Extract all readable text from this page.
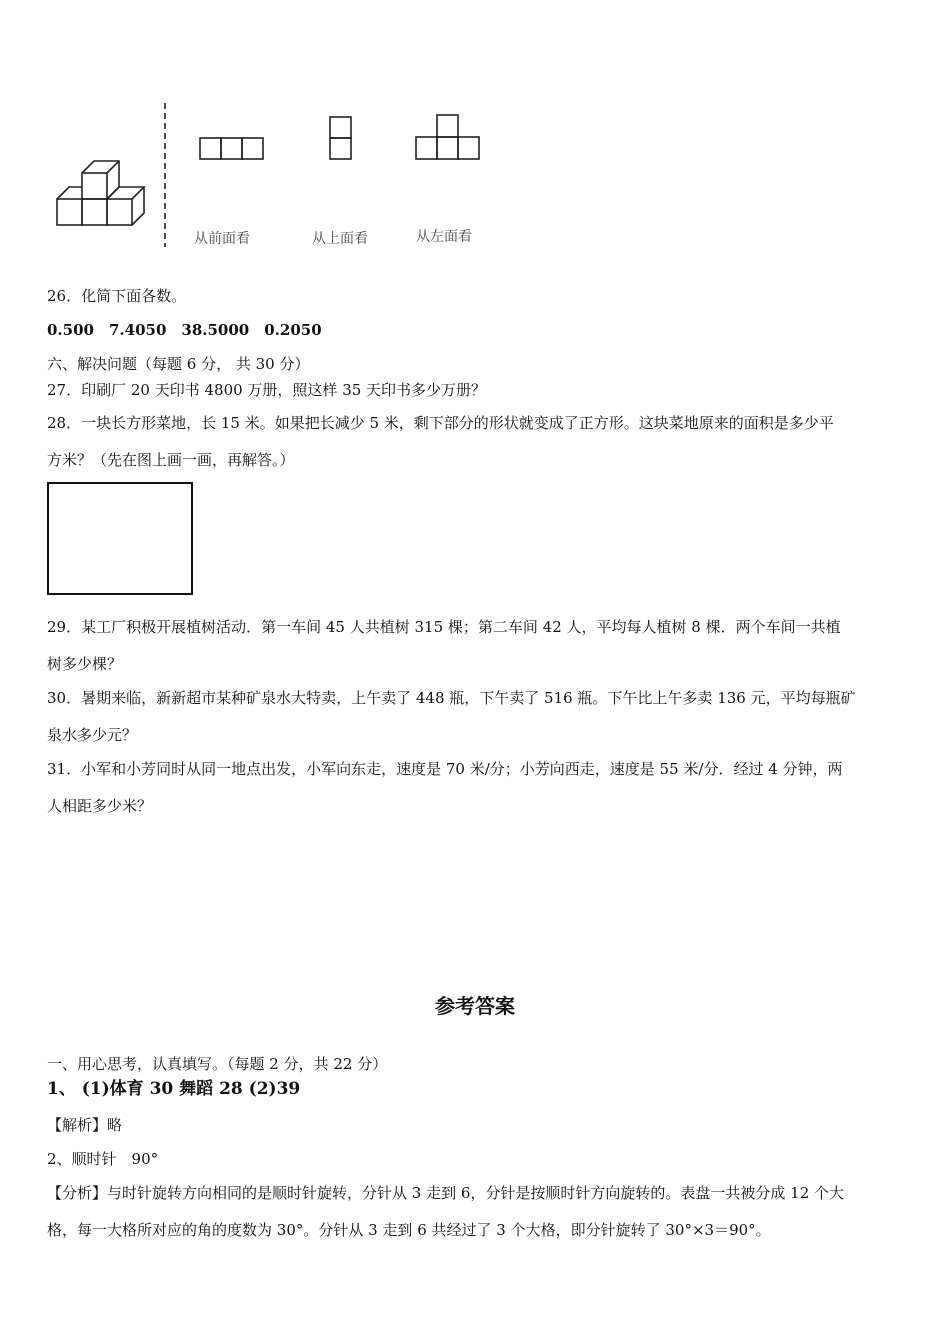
从前面看	从上面看	从左面看
26．化简下面各数。
0.500　7.4050　38.5000　0.2050
六、解决问题（每题 6 分， 共 30 分）
27．印刷厂 20 天印书 4800 万册，照这样 35 天印书多少万册？
28．一块长方形菜地，长 15 米。如果把长减少 5 米，剩下部分的形状就变成了正方形。这块菜地原来的面积是多少平
方米？（先在图上画一画，再解答。）
29．某工厂积极开展植树活动．第一车间 45 人共植树 315 棵；第二车间 42 人，平均每人植树 8 棵．两个车间一共植
树多少棵？
30．暑期来临，新新超市某种矿泉水大特卖，上午卖了 448 瓶，下午卖了 516 瓶。下午比上午多卖 136 元，平均每瓶矿
泉水多少元？
31．小军和小芳同时从同一地点出发，小军向东走，速度是 70 米/分；小芳向西走，速度是 55 米/分．经过 4 分钟，两
人相距多少米？
参考答案
一、用心思考，认真填写。（每题 2 分，共 22 分）
1、 (1)体育 30 舞蹈 28 (2)39
【解析】略
2、顺时针　90°
【分析】与时针旋转方向相同的是顺时针旋转，分针从 3 走到 6，分针是按顺时针方向旋转的。表盘一共被分成 12 个大
格，每一大格所对应的角的度数为 30°。分针从 3 走到 6 共经过了 3 个大格，即分针旋转了 30°×3＝90°。
